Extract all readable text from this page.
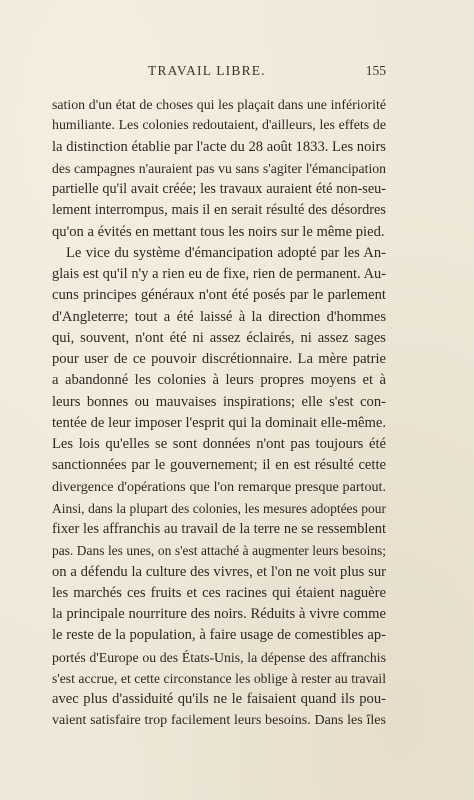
TRAVAIL LIBRE.	155
sation d'un état de choses qui les plaçait dans une infériorité
humiliante. Les colonies redoutaient, d'ailleurs, les effets de
la distinction établie par l'acte du 28 août 1833. Les noirs
des campagnes n'auraient pas vu sans s'agiter l'émancipation
partielle qu'il avait créée; les travaux auraient été non-seu-
lement interrompus, mais il en serait résulté des désordres
qu'on a évités en mettant tous les noirs sur le même pied.
Le vice du système d'émancipation adopté par les An-
glais est qu'il n'y a rien eu de fixe, rien de permanent. Au-
cuns principes généraux n'ont été posés par le parlement
d'Angleterre; tout a été laissé à la direction d'hommes
qui, souvent, n'ont été ni assez éclairés, ni assez sages
pour user de ce pouvoir discrétionnaire. La mère patrie
a abandonné les colonies à leurs propres moyens et à
leurs bonnes ou mauvaises inspirations; elle s'est con-
tentée de leur imposer l'esprit qui la dominait elle-même.
Les lois qu'elles se sont données n'ont pas toujours été
sanctionnées par le gouvernement; il en est résulté cette
divergence d'opérations que l'on remarque presque partout.
Ainsi, dans la plupart des colonies, les mesures adoptées pour
fixer les affranchis au travail de la terre ne se ressemblent
pas. Dans les unes, on s'est attaché à augmenter leurs besoins;
on a défendu la culture des vivres, et l'on ne voit plus sur
les marchés ces fruits et ces racines qui étaient naguère
la principale nourriture des noirs. Réduits à vivre comme
le reste de la population, à faire usage de comestibles ap-
portés d'Europe ou des États-Unis, la dépense des affranchis
s'est accrue, et cette circonstance les oblige à rester au travail
avec plus d'assiduité qu'ils ne le faisaient quand ils pou-
vaient satisfaire trop facilement leurs besoins. Dans les îles
